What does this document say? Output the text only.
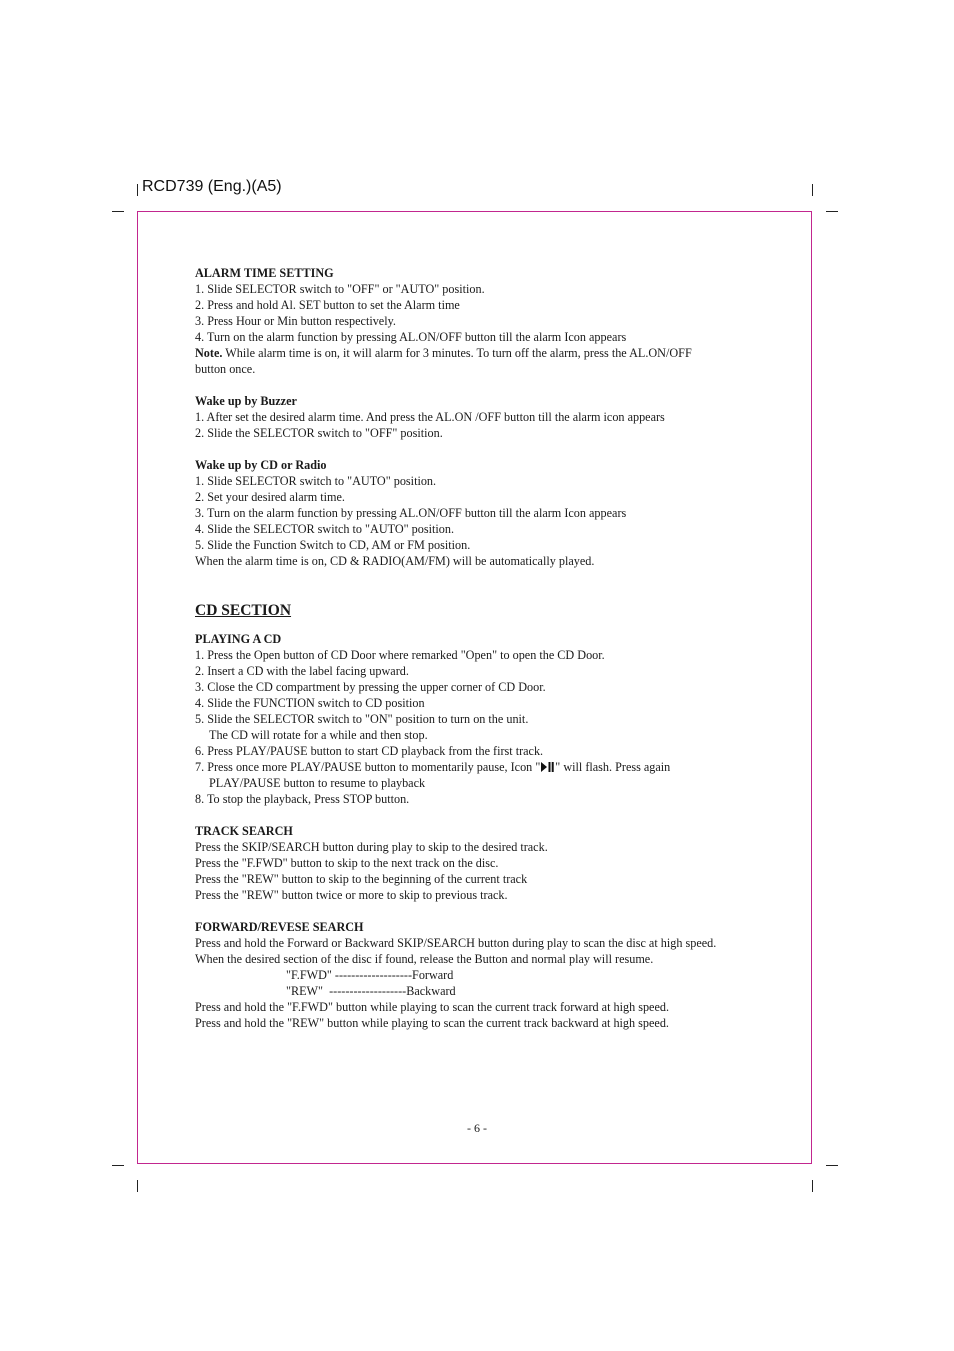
RCD739 (Eng.)(A5)
ALARM TIME SETTING
1. Slide SELECTOR switch to "OFF" or "AUTO" position.
2. Press and hold Al. SET button to set the Alarm time
3. Press Hour or Min button respectively.
4. Turn on the alarm function by pressing AL.ON/OFF button till the alarm Icon appears
Note. While alarm time is on, it will alarm for 3 minutes. To turn off the alarm, press the AL.ON/OFF
button once.
Wake up by Buzzer
1. After set the desired alarm time. And press the AL.ON /OFF button till the alarm icon appears
2. Slide the SELECTOR switch to "OFF" position.
Wake up by CD or Radio
1. Slide SELECTOR switch to "AUTO" position.
2. Set your desired alarm time.
3. Turn on the alarm function by pressing AL.ON/OFF button till the alarm Icon appears
4. Slide the SELECTOR switch to "AUTO" position.
5. Slide the Function Switch to CD, AM or FM position.
When the alarm time is on, CD & RADIO(AM/FM) will be automatically played.
CD SECTION
PLAYING A CD
1. Press the Open button of CD Door where remarked "Open" to open the CD Door.
2. Insert a CD with the label facing upward.
3. Close the CD compartment by pressing the upper corner of CD Door.
4. Slide the FUNCTION switch to CD position
5. Slide the SELECTOR switch to "ON" position to turn on the unit.
The CD will rotate for a while and then stop.
6. Press PLAY/PAUSE button to start CD playback from the first track.
7. Press once more PLAY/PAUSE button to momentarily pause, Icon " " will flash. Press again
PLAY/PAUSE button to resume to playback
8. To stop the playback, Press STOP button.
TRACK SEARCH
Press the SKIP/SEARCH button during play to skip to the desired track.
Press the "F.FWD" button to skip to the next track on the disc.
Press the "REW" button to skip to the beginning of the current track
Press the "REW" button twice or more to skip to previous track.
FORWARD/REVESE SEARCH
Press and hold the Forward or Backward SKIP/SEARCH button during play to scan the disc at high speed.
When the desired section of the disc if found, release the Button and normal play will resume.
"F.FWD" -------------------Forward
"REW"  -------------------Backward
Press and hold the "F.FWD" button while playing to scan the current track forward at high speed.
Press and hold the "REW" button while playing to scan the current track backward at high speed.
- 6 -
